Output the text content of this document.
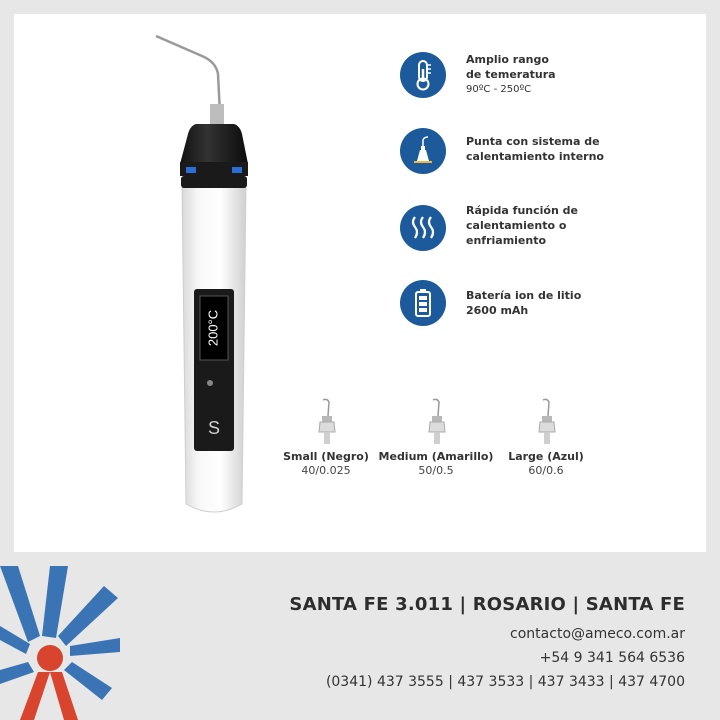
200°C
S
Amplio rango
de temeratura
90ºC - 250ºC
Punta con sistema de
calentamiento interno
Rápida función de
calentamiento o
enfriamiento
Batería ion de litio
2600 mAh
Small (Negro)
40/0.025
Medium (Amarillo)
50/0.5
Large (Azul)
60/0.6
SANTA FE 3.011 | ROSARIO | SANTA FE
contacto@ameco.com.ar
+54 9 341 564 6536
(0341) 437 3555 | 437 3533 | 437 3433 | 437 4700
